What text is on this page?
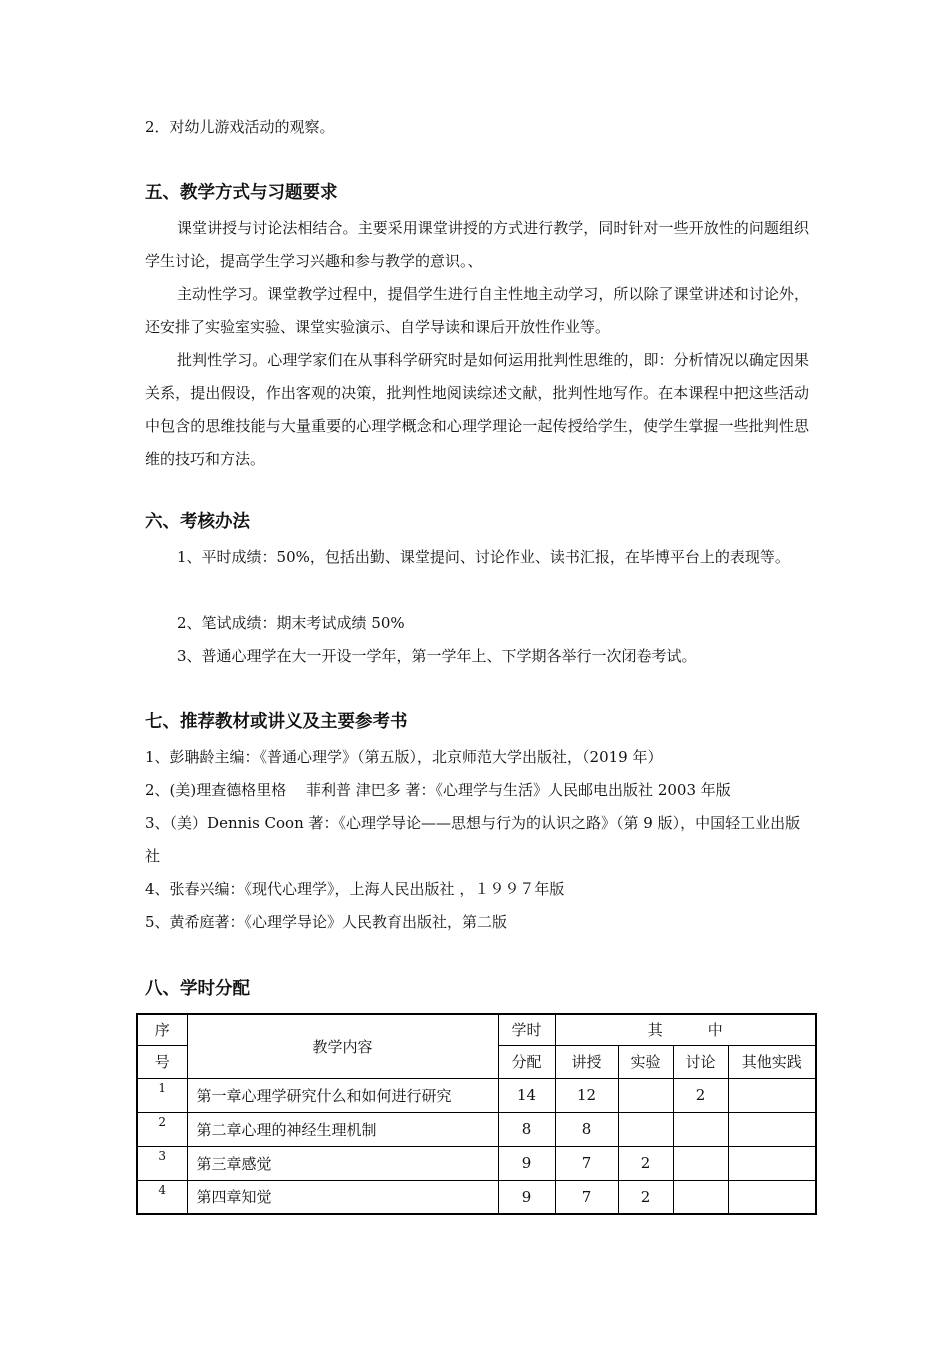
2．对幼儿游戏活动的观察。
五、教学方式与习题要求
课堂讲授与讨论法相结合。主要采用课堂讲授的方式进行教学，同时针对一些开放性的问题组织学生讨论，提高学生学习兴趣和参与教学的意识。、
主动性学习。课堂教学过程中，提倡学生进行自主性地主动学习，所以除了课堂讲述和讨论外，还安排了实验室实验、课堂实验演示、自学导读和课后开放性作业等。
批判性学习。心理学家们在从事科学研究时是如何运用批判性思维的，即：分析情况以确定因果关系，提出假设，作出客观的决策，批判性地阅读综述文献，批判性地写作。在本课程中把这些活动中包含的思维技能与大量重要的心理学概念和心理学理论一起传授给学生，使学生掌握一些批判性思维的技巧和方法。
六、考核办法
1、平时成绩：50%，包括出勤、课堂提问、讨论作业、读书汇报，在毕博平台上的表现等。
2、笔试成绩：期末考试成绩 50%
3、普通心理学在大一开设一学年，第一学年上、下学期各举行一次闭卷考试。
七、推荐教材或讲义及主要参考书
1、彭聃龄主编：《普通心理学》（第五版），北京师范大学出版社，（2019 年）
2、(美)理查德格里格　 菲利普 津巴多 著：《心理学与生活》人民邮电出版社 2003 年版
3、（美）Dennis Coon 著：《心理学导论——思想与行为的认识之路》（第 9 版），中国轻工业出版社
4、张春兴编：《现代心理学》，上海人民出版社 ，１９９７年版
5、黄希庭著：《心理学导论》人民教育出版社，第二版
八、学时分配
序	教学内容	学时	其　　　中			
号		分配	讲授	实验	讨论	其他实践
1	第一章心理学研究什么和如何进行研究	14	12		2	
2	第二章心理的神经生理机制	8	8			
3	第三章感觉	9	7	2		
4	第四章知觉	9	7	2		
